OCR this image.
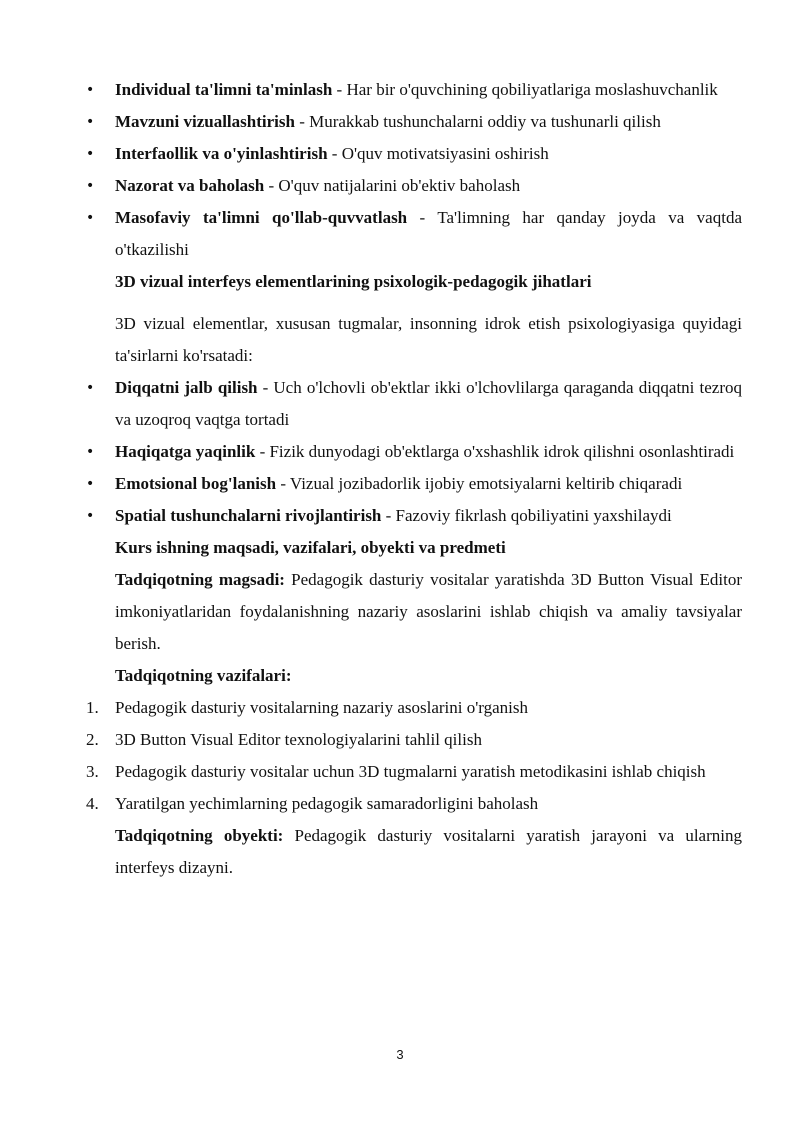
•	Individual ta'limni ta'minlash - Har bir o'quvchining qobiliyatlariga moslashuvchanlik
•	Mavzuni vizuallashtirish - Murakkab tushunchalarni oddiy va tushunarli qilish
•	Interfaollik va o'yinlashtirish - O'quv motivatsiyasini oshirish
•	Nazorat va baholash - O'quv natijalarini ob'ektiv baholash
•	Masofaviy ta'limni qo'llab-quvvatlash - Ta'limning har qanday joyda va vaqtda o'tkazilishi

3D vizual interfeys elementlarining psixologik-pedagogik jihatlari

3D vizual elementlar, xususan tugmalar, insonning idrok etish psixologiyasiga quyidagi ta'sirlarni ko'rsatadi:

•	Diqqatni jalb qilish - Uch o'lchovli ob'ektlar ikki o'lchovlilarga qaraganda diqqatni tezroq va uzoqroq vaqtga tortadi
•	Haqiqatga yaqinlik - Fizik dunyodagi ob'ektlarga o'xshashlik idrok qilishni osonlashtiradi
•	Emotsional bog'lanish - Vizual jozibadorlik ijobiy emotsiyalarni keltirib chiqaradi
•	Spatial tushunchalarni rivojlantirish - Fazoviy fikrlash qobiliyatini yaxshilaydi

Kurs ishning maqsadi, vazifalari, obyekti va predmeti

Tadqiqotning magsadi: Pedagogik dasturiy vositalar yaratishda 3D Button Visual Editor imkoniyatlaridan foydalanishning nazariy asoslarini ishlab chiqish va amaliy tavsiyalar berish.

Tadqiqotning vazifalari:

1. Pedagogik dasturiy vositalarning nazariy asoslarini o'rganish
2. 3D Button Visual Editor texnologiyalarini tahlil qilish
3. Pedagogik dasturiy vositalar uchun 3D tugmalarni yaratish metodikasini ishlab chiqish
4. Yaratilgan yechimlarning pedagogik samaradorligini baholash

Tadqiqotning obyekti: Pedagogik dasturiy vositalarni yaratish jarayoni va ularning interfeys dizayni.

3
